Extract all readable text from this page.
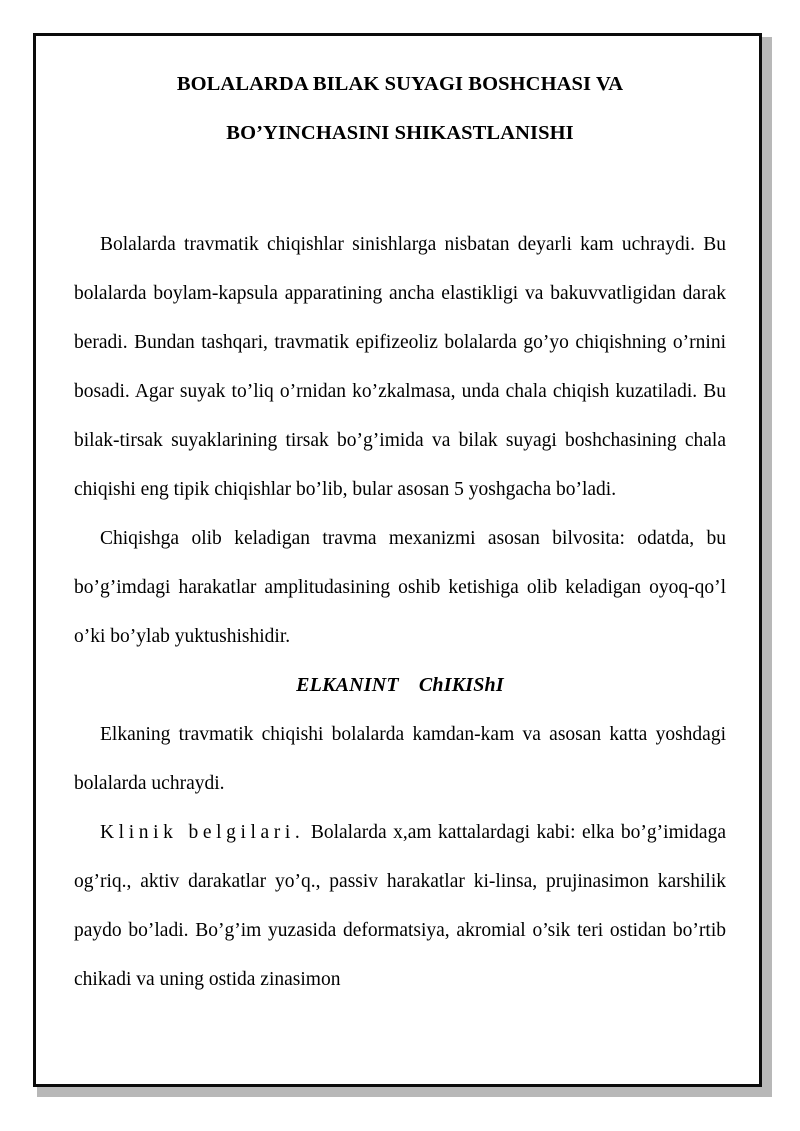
BOLALARDA BILAK SUYAGI BOSHCHASI VA
BO’YINCHASINI SHIKASTLANISHI

Bolalarda travmatik chiqishlar sinishlarga nisbatan deyarli kam uchraydi. Bu bolalarda boylam-kapsula apparatining ancha elastikligi va bakuvvatligidan darak beradi. Bundan tashqari, travmatik epifizeoliz bolalarda go’yo chiqishning o’rnini bosadi. Agar suyak to’liq o’rnidan ko’zkalmasa, unda chala chiqish kuzatiladi. Bu bilak-tirsak suyaklarining tirsak bo’g’imida va bilak suyagi boshchasining chala chiqishi eng tipik chiqishlar bo’lib, bular asosan 5 yoshgacha bo’ladi.

Chiqishga olib keladigan travma mexanizmi asosan bilvosita: odatda, bu bo’g’imdagi harakatlar amplitudasining oshib ketishiga olib keladigan oyoq-qo’l o’ki bo’ylab yuktushishidir.

ELKANINT ChIKIShI

Elkaning travmatik chiqishi bolalarda kamdan-kam va asosan katta yoshdagi bolalarda uchraydi.

Klinik belgilari. Bolalarda x,am kattalardagi kabi: elka bo’g’imidaga og’riq., aktiv darakatlar yo’q., passiv harakatlar ki-linsa, prujinasimon karshilik paydo bo’ladi. Bo’g’im yuzasida deformatsiya, akromial o’sik teri ostidan bo’rtib chikadi va uning ostida zinasimon
